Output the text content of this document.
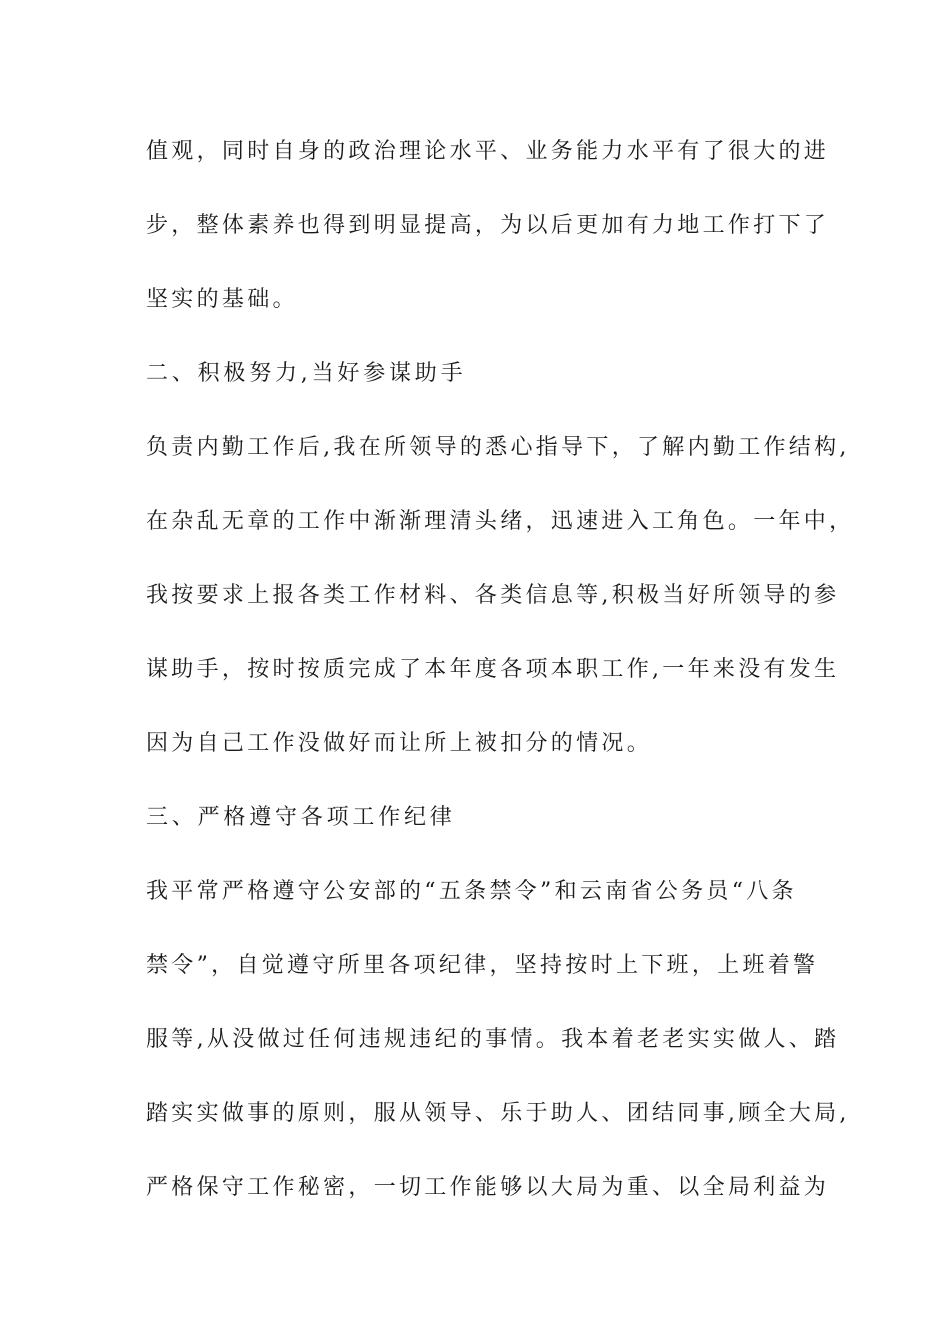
值观，同时自身的政治理论水平、业务能力水平有了很大的进
步，整体素养也得到明显提高，为以后更加有力地工作打下了
坚实的基础。
二、积极努力,当好参谋助手
负责内勤工作后,我在所领导的悉心指导下，了解内勤工作结构,
在杂乱无章的工作中渐渐理清头绪，迅速进入工角色。一年中，
我按要求上报各类工作材料、各类信息等,积极当好所领导的参
谋助手，按时按质完成了本年度各项本职工作,一年来没有发生
因为自己工作没做好而让所上被扣分的情况。
三、严格遵守各项工作纪律
我平常严格遵守公安部的“五条禁令”和云南省公务员“八条
禁令”，自觉遵守所里各项纪律，坚持按时上下班，上班着警
服等,从没做过任何违规违纪的事情。我本着老老实实做人、踏
踏实实做事的原则，服从领导、乐于助人、团结同事,顾全大局,
严格保守工作秘密，一切工作能够以大局为重、以全局利益为
